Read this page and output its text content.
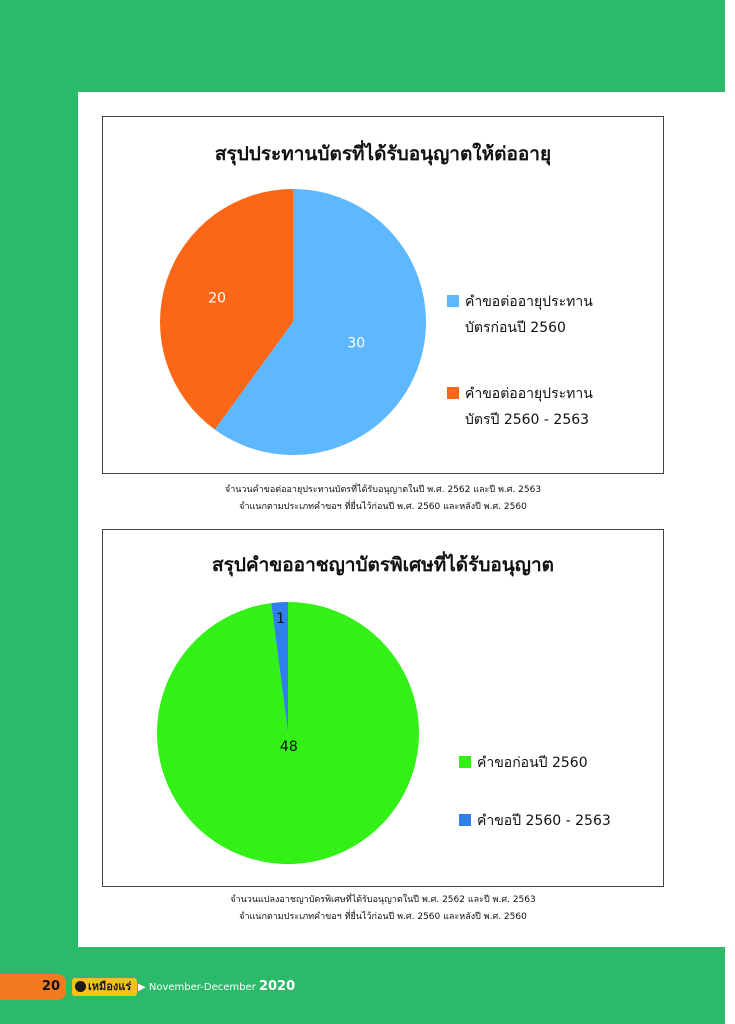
สรุปประทานบัตรที่ได้รับอนุญาตให้ต่ออายุ
30
20	คำขอต่ออายุประทาน
บัตรก่อนปี 2560
คำขอต่ออายุประทาน
บัตรปี 2560 - 2563
จำนวนคำขอต่ออายุประทานบัตรที่ได้รับอนุญาตในปี พ.ศ. 2562 และปี พ.ศ. 2563
จำแนกตามประเภทคำขอฯ ที่ยื่นไว้ก่อนปี พ.ศ. 2560 และหลังปี พ.ศ. 2560
สรุปคำขออาชญาบัตรพิเศษที่ได้รับอนุญาต
48
1
คำขอก่อนปี 2560
คำขอปี 2560 - 2563
จำนวนแปลงอาชญาบัตรพิเศษที่ได้รับอนุญาตในปี พ.ศ. 2562 และปี พ.ศ. 2563
จำแนกตามประเภทคำขอฯ ที่ยื่นไว้ก่อนปี พ.ศ. 2560 และหลังปี พ.ศ. 2560
20	เหมืองแร่ ▶ November-December 2020
